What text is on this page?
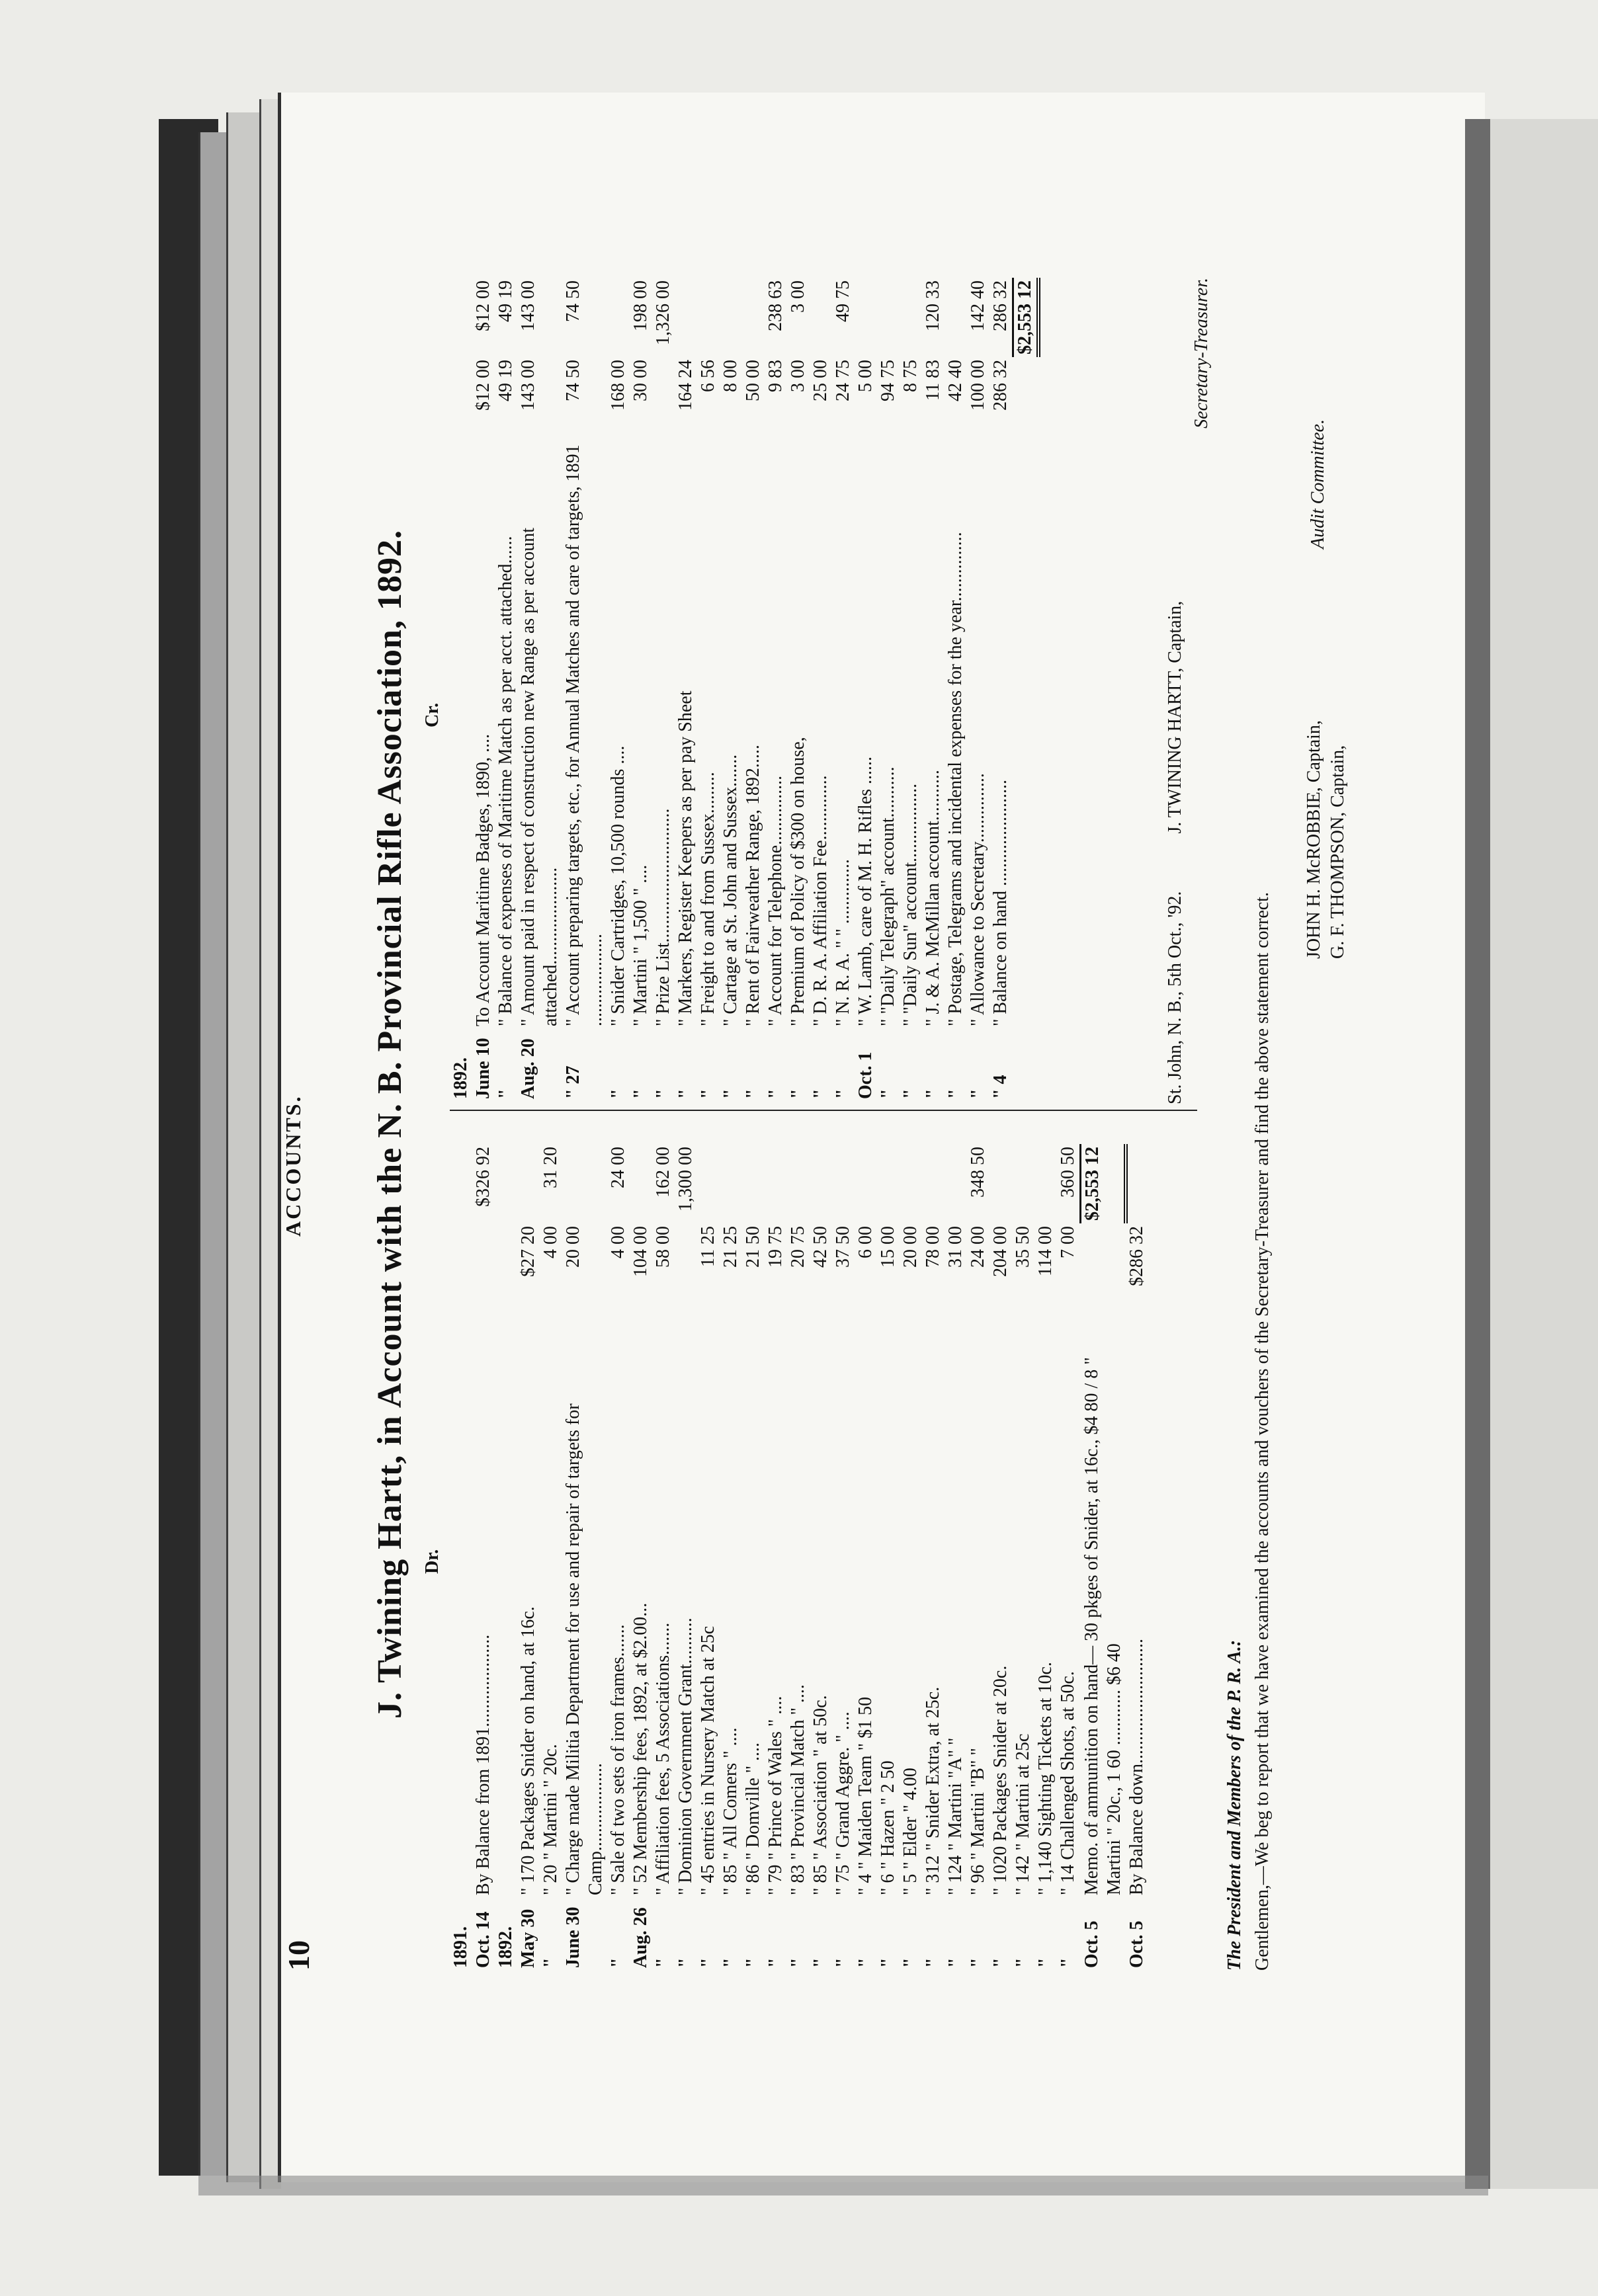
10
ACCOUNTS. J. Twining Hartt, in Account with the N. B. Provincial Rifle Association, 1892. Dr.
Cr.
1891.			
Oct. 14	By Balance from 1891....................		$326 92
1892.			
May 30	" 170 Packages Snider on hand, at 16c.	$27 20	
"	" 20 " Martini " 20c.	4 00	31 20
June 30	" Charge made Militia Department for use and repair of targets for Camp...................	20 00	
"	" Sale of two sets of iron frames.......	4 00	24 00
Aug. 26	" 52 Membership fees, 1892, at $2.00...	104 00	
"	" Affiliation fees, 5 Associations.......	58 00	162 00
"	" Dominion Government Grant..........		1,300 00
"	" 45 entries in Nursery Match at 25c	11 25	
"	" 85 " All Comers " ....	21 25	
"	" 86 " Domville " ....	21 50	
"	" 79 " Prince of Wales " ....	19 75	
"	" 83 " Provincial Match " ....	20 75	
"	" 85 " Association " at 50c.	42 50	
"	" 75 " Grand Aggre. " ....	37 50	
"	" 4 " Maiden Team " $1 50	6 00	
"	" 6 " Hazen " 2 50	15 00	
"	" 5 " Elder " 4.00	20 00	
"	" 312 " Snider Extra, at 25c.	78 00	
"	" 124 " Martini "A" "	31 00	
"	" 96 " Martini "B" "	24 00	348 50
"	" 1020 Packages Snider at 20c.	204 00	
"	" 142 " Martini at 25c	35 50	
"	" 1,140 Sighting Tickets at 10c.	114 00	
"	" 14 Challenged Shots, at 50c.	7 00	360 50
Oct. 5	Memo. of ammunition on hand— 30 pkges of Snider, at 16c., $4 80 / 8 " Martini " 20c., 1 60 ............ $6 40		$2,553 12
Oct. 5	By Balance down...........................	$286 32	
1892.			
June 10	To Account Maritime Badges, 1890, ....	$12 00	$12 00
"	" Balance of expenses of Maritime Match as per acct. attached......	49 19	49 19
Aug. 20	" Amount paid in respect of construction new Range as per account attached.....................	143 00	143 00
" 27	" Account preparing targets, etc., for Annual Matches and care of targets, 1891 ....................	74 50	74 50
"	" Snider Cartridges, 10,500 rounds ....	168 00	
"	" Martini " 1,500 " ....	30 00	198 00
"	" Prize List.............................		1,326 00
"	" Markers, Register Keepers as per pay Sheet	164 24	
"	" Freight to and from Sussex.........	6 56	
"	" Cartage at St. John and Sussex.......	8 00	
"	" Rent of Fairweather Range, 1892.....	50 00	
"	" Account for Telephone...............	9 83	238 63
"	" Premium of Policy of $300 on house,	3 00	3 00
"	" D. R. A. Affiliation Fee..............	25 00	
"	" N. R. A. " " ..............	24 75	49 75
Oct. 1	" W. Lamb, care of M. H. Rifles ......	5 00	
"	" "Daily Telegraph" account...........	94 75	
"	" "Daily Sun" account.................	8 75	
"	" J. & A. McMillan account...........	11 83	120 33
"	" Postage, Telegrams and incidental expenses for the year...............	42 40	
"	" Allowance to Secretary...............	100 00	142 40
" 4	" Balance on hand .......................	286 32	286 32
			$2,553 12
St. John, N. B., 5th Oct., '92. J. TWINING HARTT, Captain,
Secretary-Treasurer.
The President and Members of the P. R. A.: Gentlemen,—We beg to report that we have examined the accounts and vouchers of the Secretary-Treasurer and find the above statement correct.
JOHN H. McROBBIE, Captain, G. F. THOMPSON, Captain,
Audit Committee.
